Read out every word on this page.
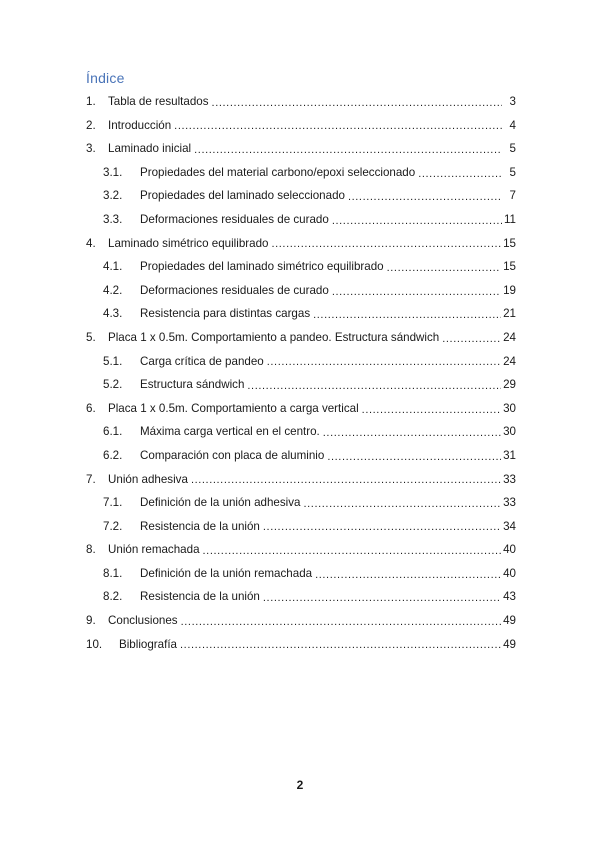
Índice
1.	Tabla de resultados .....	3
2.	Introducción .....	4
3.	Laminado inicial .....	5
3.1.	Propiedades del material carbono/epoxi seleccionado .....	5
3.2.	Propiedades del laminado seleccionado .....	7
3.3.	Deformaciones residuales de curado .....	11
4.	Laminado simétrico equilibrado .....	15
4.1.	Propiedades del laminado simétrico equilibrado .....	15
4.2.	Deformaciones residuales de curado .....	19
4.3.	Resistencia para distintas cargas .....	21
5.	Placa 1 x 0.5m. Comportamiento a pandeo. Estructura sándwich .....	24
5.1.	Carga crítica de pandeo .....	24
5.2.	Estructura sándwich .....	29
6.	Placa 1 x 0.5m. Comportamiento a carga vertical .....	30
6.1.	Máxima carga vertical en el centro. .....	30
6.2.	Comparación con placa de aluminio .....	31
7.	Unión adhesiva .....	33
7.1.	Definición de la unión adhesiva .....	33
7.2.	Resistencia de la unión .....	34
8.	Unión remachada .....	40
8.1.	Definición de la unión remachada .....	40
8.2.	Resistencia de la unión .....	43
9.	Conclusiones .....	49
10.	Bibliografía .....	49
2
